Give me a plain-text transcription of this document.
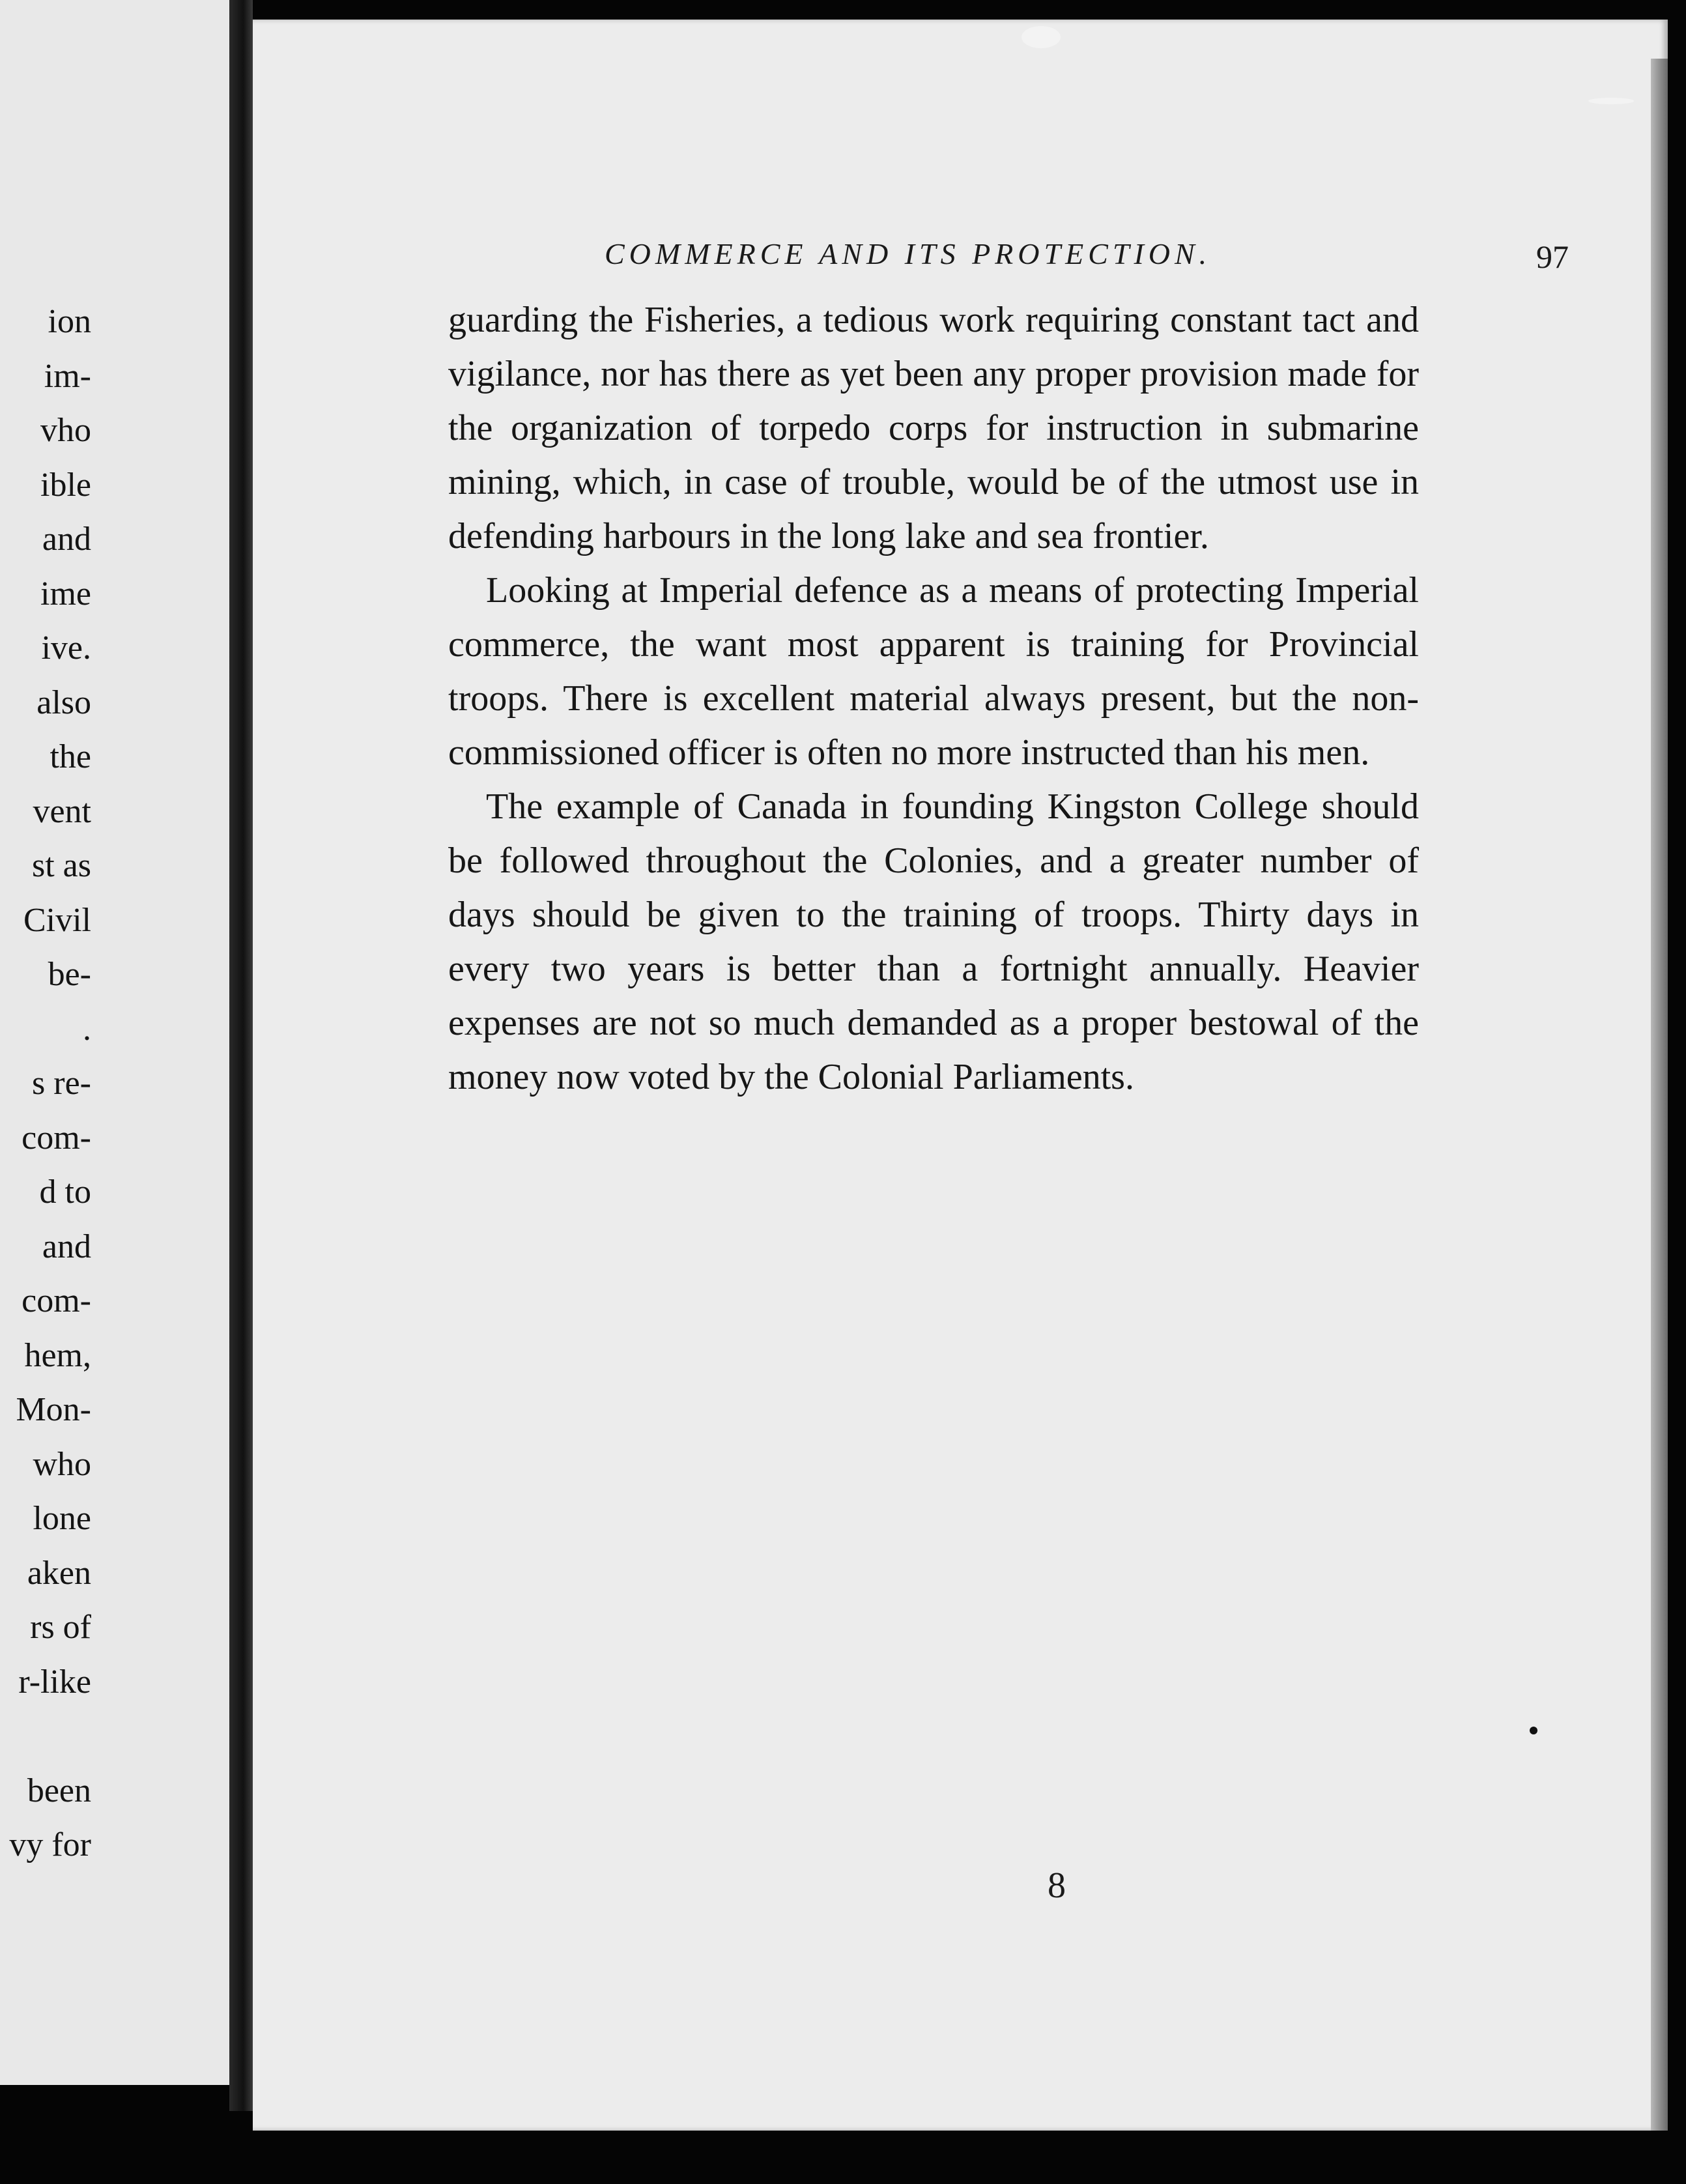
ion
im-
vho
ible
and
ime
ive.
also
the
vent
st as
Civil
be-
.
s re-
com-
d to
and
com-
hem,
Mon-
who
lone
aken
rs of
r-like
been
vy for
COMMERCE AND ITS PROTECTION.	97

guarding the Fisheries, a tedious work requiring constant tact and vigilance, nor has there as yet been any proper provision made for the organization of torpedo corps for instruction in submarine mining, which, in case of trouble, would be of the utmost use in defending harbours in the long lake and sea frontier.

Looking at Imperial defence as a means of protecting Imperial commerce, the want most apparent is training for Provincial troops. There is excellent material always present, but the non-commissioned officer is often no more instructed than his men.

The example of Canada in founding Kingston College should be followed throughout the Colonies, and a greater number of days should be given to the training of troops. Thirty days in every two years is better than a fortnight annually. Heavier expenses are not so much demanded as a proper bestowal of the money now voted by the Colonial Parliaments.

8
